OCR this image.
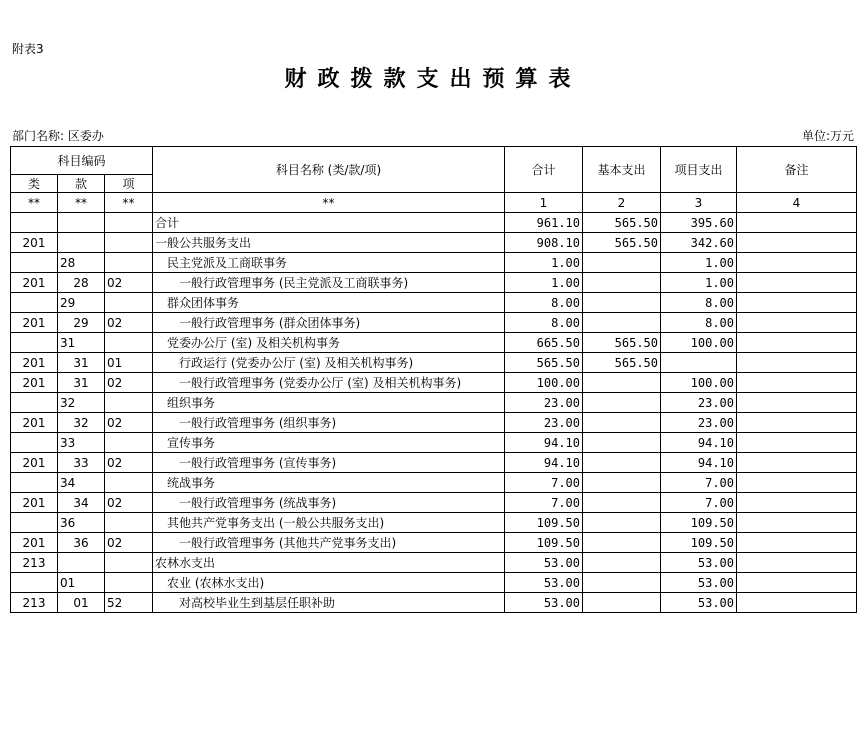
附表3
财政拨款支出预算表
部门名称: 区委办	单位:万元
科目编码			科目名称 (类/款/项)	合计	基本支出	项目支出	备注
类	款	项					
**	**	**	**	1	2	3	4
			合计	961.10	565.50	395.60	
201			一般公共服务支出	908.10	565.50	342.60	
	28		民主党派及工商联事务	1.00		1.00	
201	28	02	一般行政管理事务 (民主党派及工商联事务)	1.00		1.00	
	29		群众团体事务	8.00		8.00	
201	29	02	一般行政管理事务 (群众团体事务)	8.00		8.00	
	31		党委办公厅 (室) 及相关机构事务	665.50	565.50	100.00	
201	31	01	行政运行 (党委办公厅 (室) 及相关机构事务)	565.50	565.50		
201	31	02	一般行政管理事务 (党委办公厅 (室) 及相关机构事务)	100.00		100.00	
	32		组织事务	23.00		23.00	
201	32	02	一般行政管理事务 (组织事务)	23.00		23.00	
	33		宣传事务	94.10		94.10	
201	33	02	一般行政管理事务 (宣传事务)	94.10		94.10	
	34		统战事务	7.00		7.00	
201	34	02	一般行政管理事务 (统战事务)	7.00		7.00	
	36		其他共产党事务支出 (一般公共服务支出)	109.50		109.50	
201	36	02	一般行政管理事务 (其他共产党事务支出)	109.50		109.50	
213			农林水支出	53.00		53.00	
	01		农业 (农林水支出)	53.00		53.00	
213	01	52	对高校毕业生到基层任职补助	53.00		53.00	
